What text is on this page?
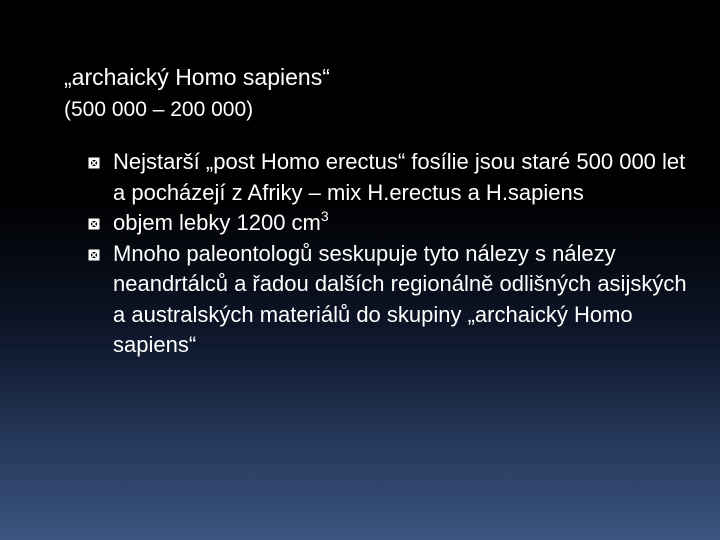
„archaický Homo sapiens“
(500 000 – 200 000)
Nejstarší „post Homo erectus“ fosílie jsou staré 500 000 let a pocházejí z Afriky – mix H.erectus a H.sapiens
objem lebky 1200 $cm^3$
Mnoho paleontologů seskupuje tyto nálezy s nálezy neandrtálců a řadou dalších regionálně odlišných asijských a australských materiálů do skupiny „archaický Homo sapiens“
